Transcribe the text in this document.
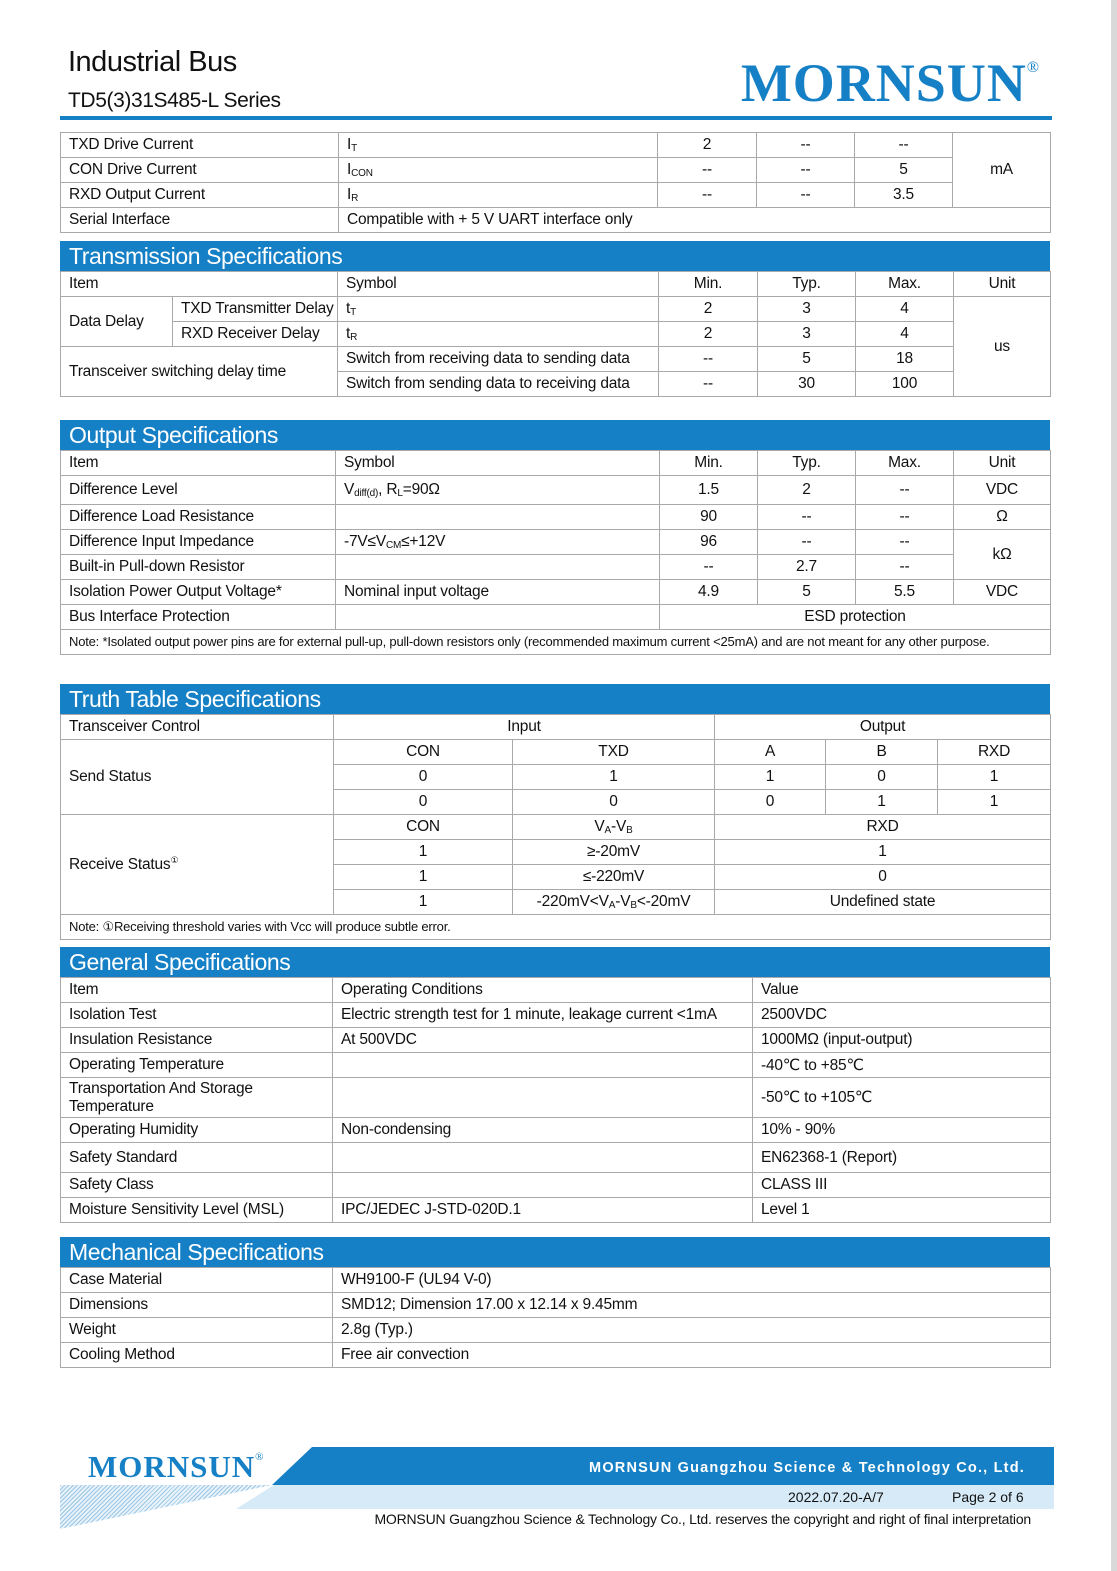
Industrial Bus
TD5(3)31S485-L Series	MORNSUN®
TXD Drive Current	$I_T$	2	--	--	mA
CON Drive Current	$I_{CON}$	--	--	5	
RXD Output Current	$I_R$	--	--	3.5	
Serial Interface	Compatible with + 5 V UART interface only				
Transmission Specifications
Item		Symbol	Min.	Typ.	Max.	Unit
Data Delay	TXD Transmitter Delay	$t_T$	2	3	4	us
	RXD Receiver Delay	$t_R$	2	3	4	
Transceiver switching delay time		Switch from receiving data to sending data	--	5	18	
		Switch from sending data to receiving data	--	30	100	
Output Specifications
Item	Symbol	Min.	Typ.	Max.	Unit
Difference Level	$V_{diff(d)}$, $R_L=90\Omega$	1.5	2	--	VDC
Difference Load Resistance		90	--	--	Ω
Difference Input Impedance	$-7V\le V_{CM}\le+12V$	96	--	--	kΩ
Built-in Pull-down Resistor		--	2.7	--	
Isolation Power Output Voltage*	Nominal input voltage	4.9	5	5.5	VDC
Bus Interface Protection		ESD protection			
Note: *Isolated output power pins are for external pull-up, pull-down resistors only (recommended maximum current <25mA) and are not meant for any other purpose.					
Truth Table Specifications
Transceiver Control	Input		Output		
Send Status	CON	TXD	A	B	RXD
	0	1	1	0	1
	0	0	0	1	1
Receive Status①	CON	$V_A-V_B$	RXD		
	1	≥-20mV	1		
	1	≤-220mV	0		
	1	$-220mV<V_A-V_B<-20mV$	Undefined state		
Note: ①Receiving threshold varies with Vcc will produce subtle error.					
General Specifications
Item	Operating Conditions	Value
Isolation Test	Electric strength test for 1 minute, leakage current <1mA	2500VDC
Insulation Resistance	At 500VDC	1000MΩ (input-output)
Operating Temperature		-40℃ to +85℃
Transportation And Storage Temperature		-50℃ to +105℃
Operating Humidity	Non-condensing	10% - 90%
Safety Standard		EN62368-1 (Report)
Safety Class		CLASS III
Moisture Sensitivity Level (MSL)	IPC/JEDEC J-STD-020D.1	Level 1
Mechanical Specifications
Case Material	WH9100-F (UL94 V-0)
Dimensions	SMD12; Dimension 17.00 x 12.14 x 9.45mm
Weight	2.8g (Typ.)
Cooling Method	Free air convection
MORNSUN®
MORNSUN Guangzhou Science & Technology Co., Ltd.
2022.07.20-A/7	Page 2 of 6
MORNSUN Guangzhou Science & Technology Co., Ltd. reserves the copyright and right of final interpretation
